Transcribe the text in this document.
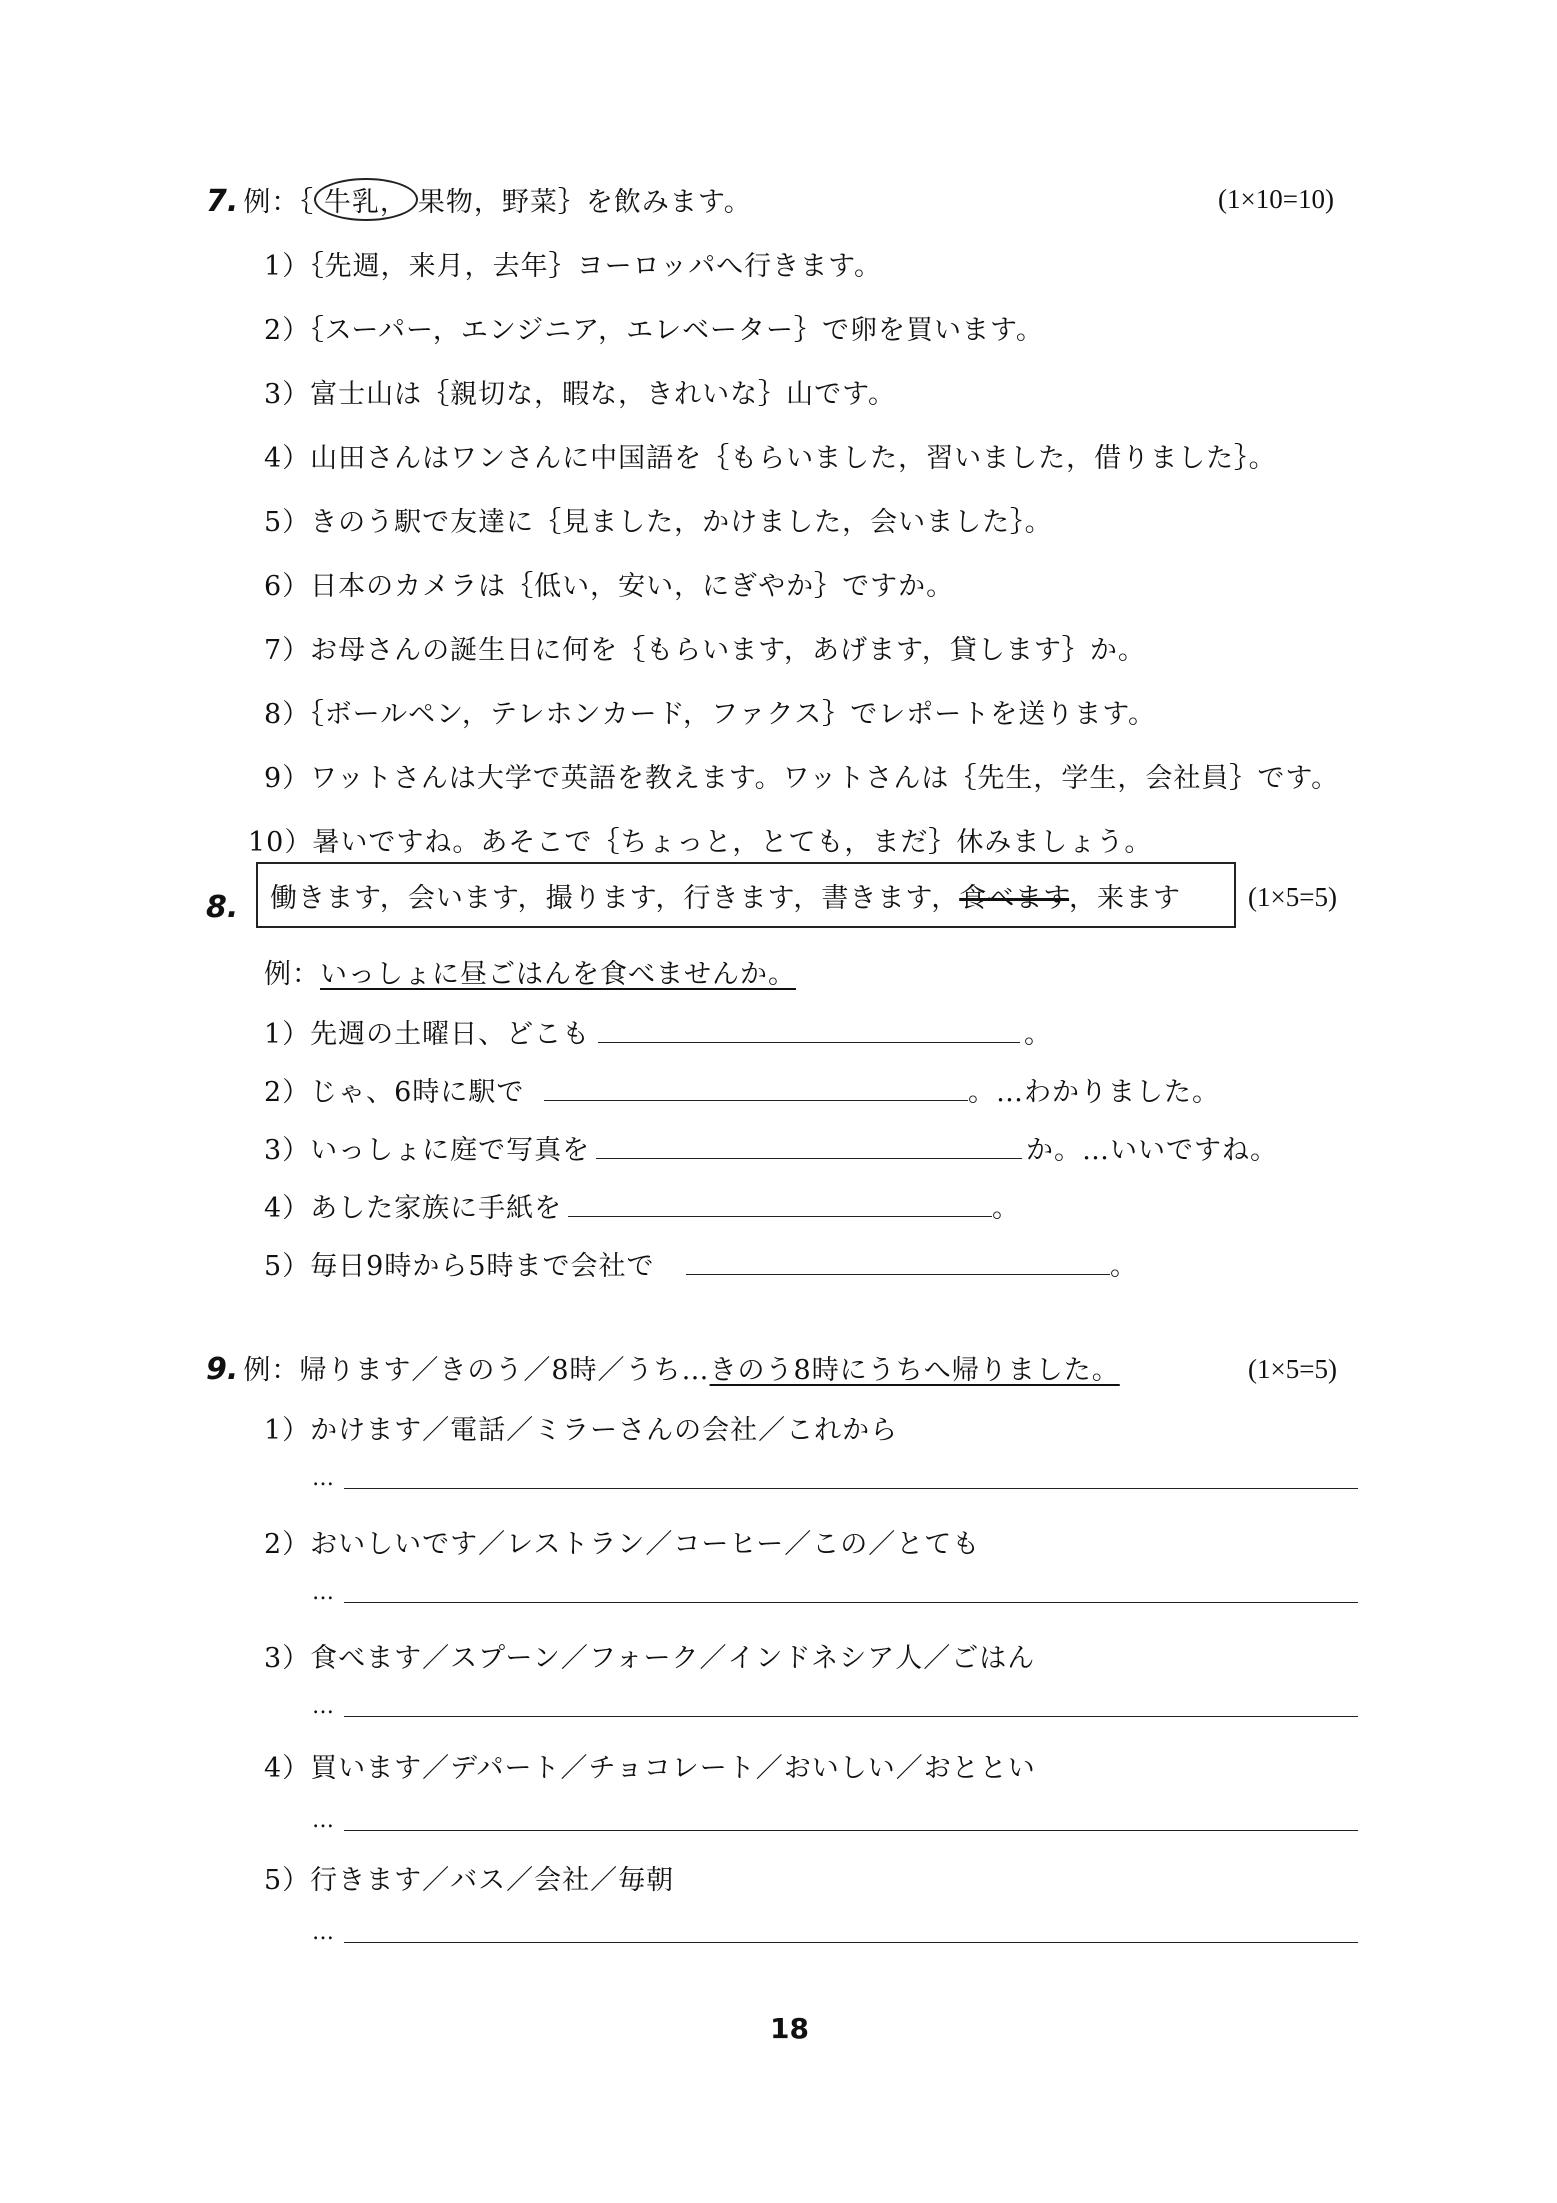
7. 例：｛ 牛乳， 果物，野菜｝を飲みます。	(1×10=10)
1）｛先週，来月，去年｝ヨーロッパへ行きます。
2）｛スーパー，エンジニア，エレベーター｝で卵を買います。
3）富士山は｛親切な，暇な，きれいな｝山です。
4）山田さんはワンさんに中国語を｛もらいました，習いました，借りました｝。
5）きのう駅で友達に｛見ました，かけました，会いました｝。
6）日本のカメラは｛低い，安い，にぎやか｝ですか。
7）お母さんの誕生日に何を｛もらいます，あげます，貸します｝か。
8）｛ボールペン，テレホンカード，ファクス｝でレポートを送ります。
9）ワットさんは大学で英語を教えます。ワットさんは｛先生，学生，会社員｝です。
10）暑いですね。あそこで｛ちょっと，とても，まだ｝休みましょう。
8. 働きます，会います，撮ります，行きます，書きます，食べます，来ます (1×5=5)
例：いっしょに昼ごはんを食べませんか。
1）先週の土曜日、どこも	。
2）じゃ、6時に駅で	。…わかりました。
3）いっしょに庭で写真を	か。…いいですね。
4）あした家族に手紙を	。
5）毎日9時から5時まで会社で	。
9. 例：帰ります／きのう／8時／うち…きのう8時にうちへ帰りました。	(1×5=5)
1）かけます／電話／ミラーさんの会社／これから
…
2）おいしいです／レストラン／コーヒー／この／とても
…
3）食べます／スプーン／フォーク／インドネシア人／ごはん
…
4）買います／デパート／チョコレート／おいしい／おととい
…
5）行きます／バス／会社／毎朝
…
18
